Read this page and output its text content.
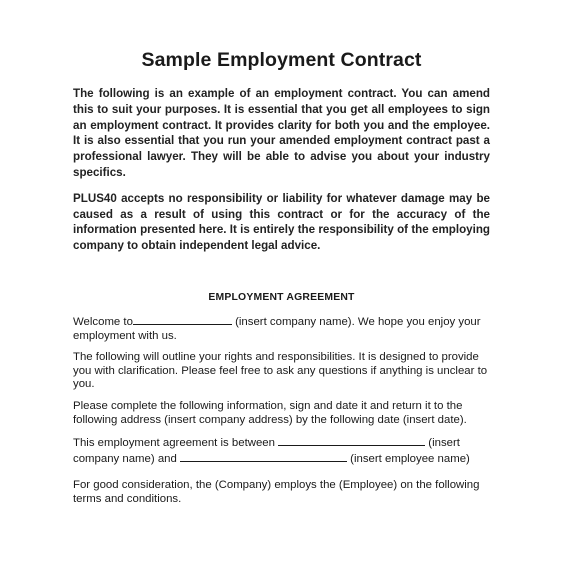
Sample Employment Contract

The following is an example of an employment contract. You can amend this to suit your purposes. It is essential that you get all employees to sign an employment contract. It provides clarity for both you and the employee. It is also essential that you run your amended employment contract past a professional lawyer. They will be able to advise you about your industry specifics.

PLUS40 accepts no responsibility or liability for whatever damage may be caused as a result of using this contract or for the accuracy of the information presented here. It is entirely the responsibility of the employing company to obtain independent legal advice.

EMPLOYMENT AGREEMENT

Welcome to	(insert company name). We hope you enjoy your employment with us.

The following will outline your rights and responsibilities. It is designed to provide you with clarification. Please feel free to ask any questions if anything is unclear to you.

Please complete the following information, sign and date it and return it to the following address (insert company address) by the following date (insert date).

This employment agreement is between	(insert company name) and	(insert employee name)

For good consideration, the (Company) employs the (Employee) on the following terms and conditions.
